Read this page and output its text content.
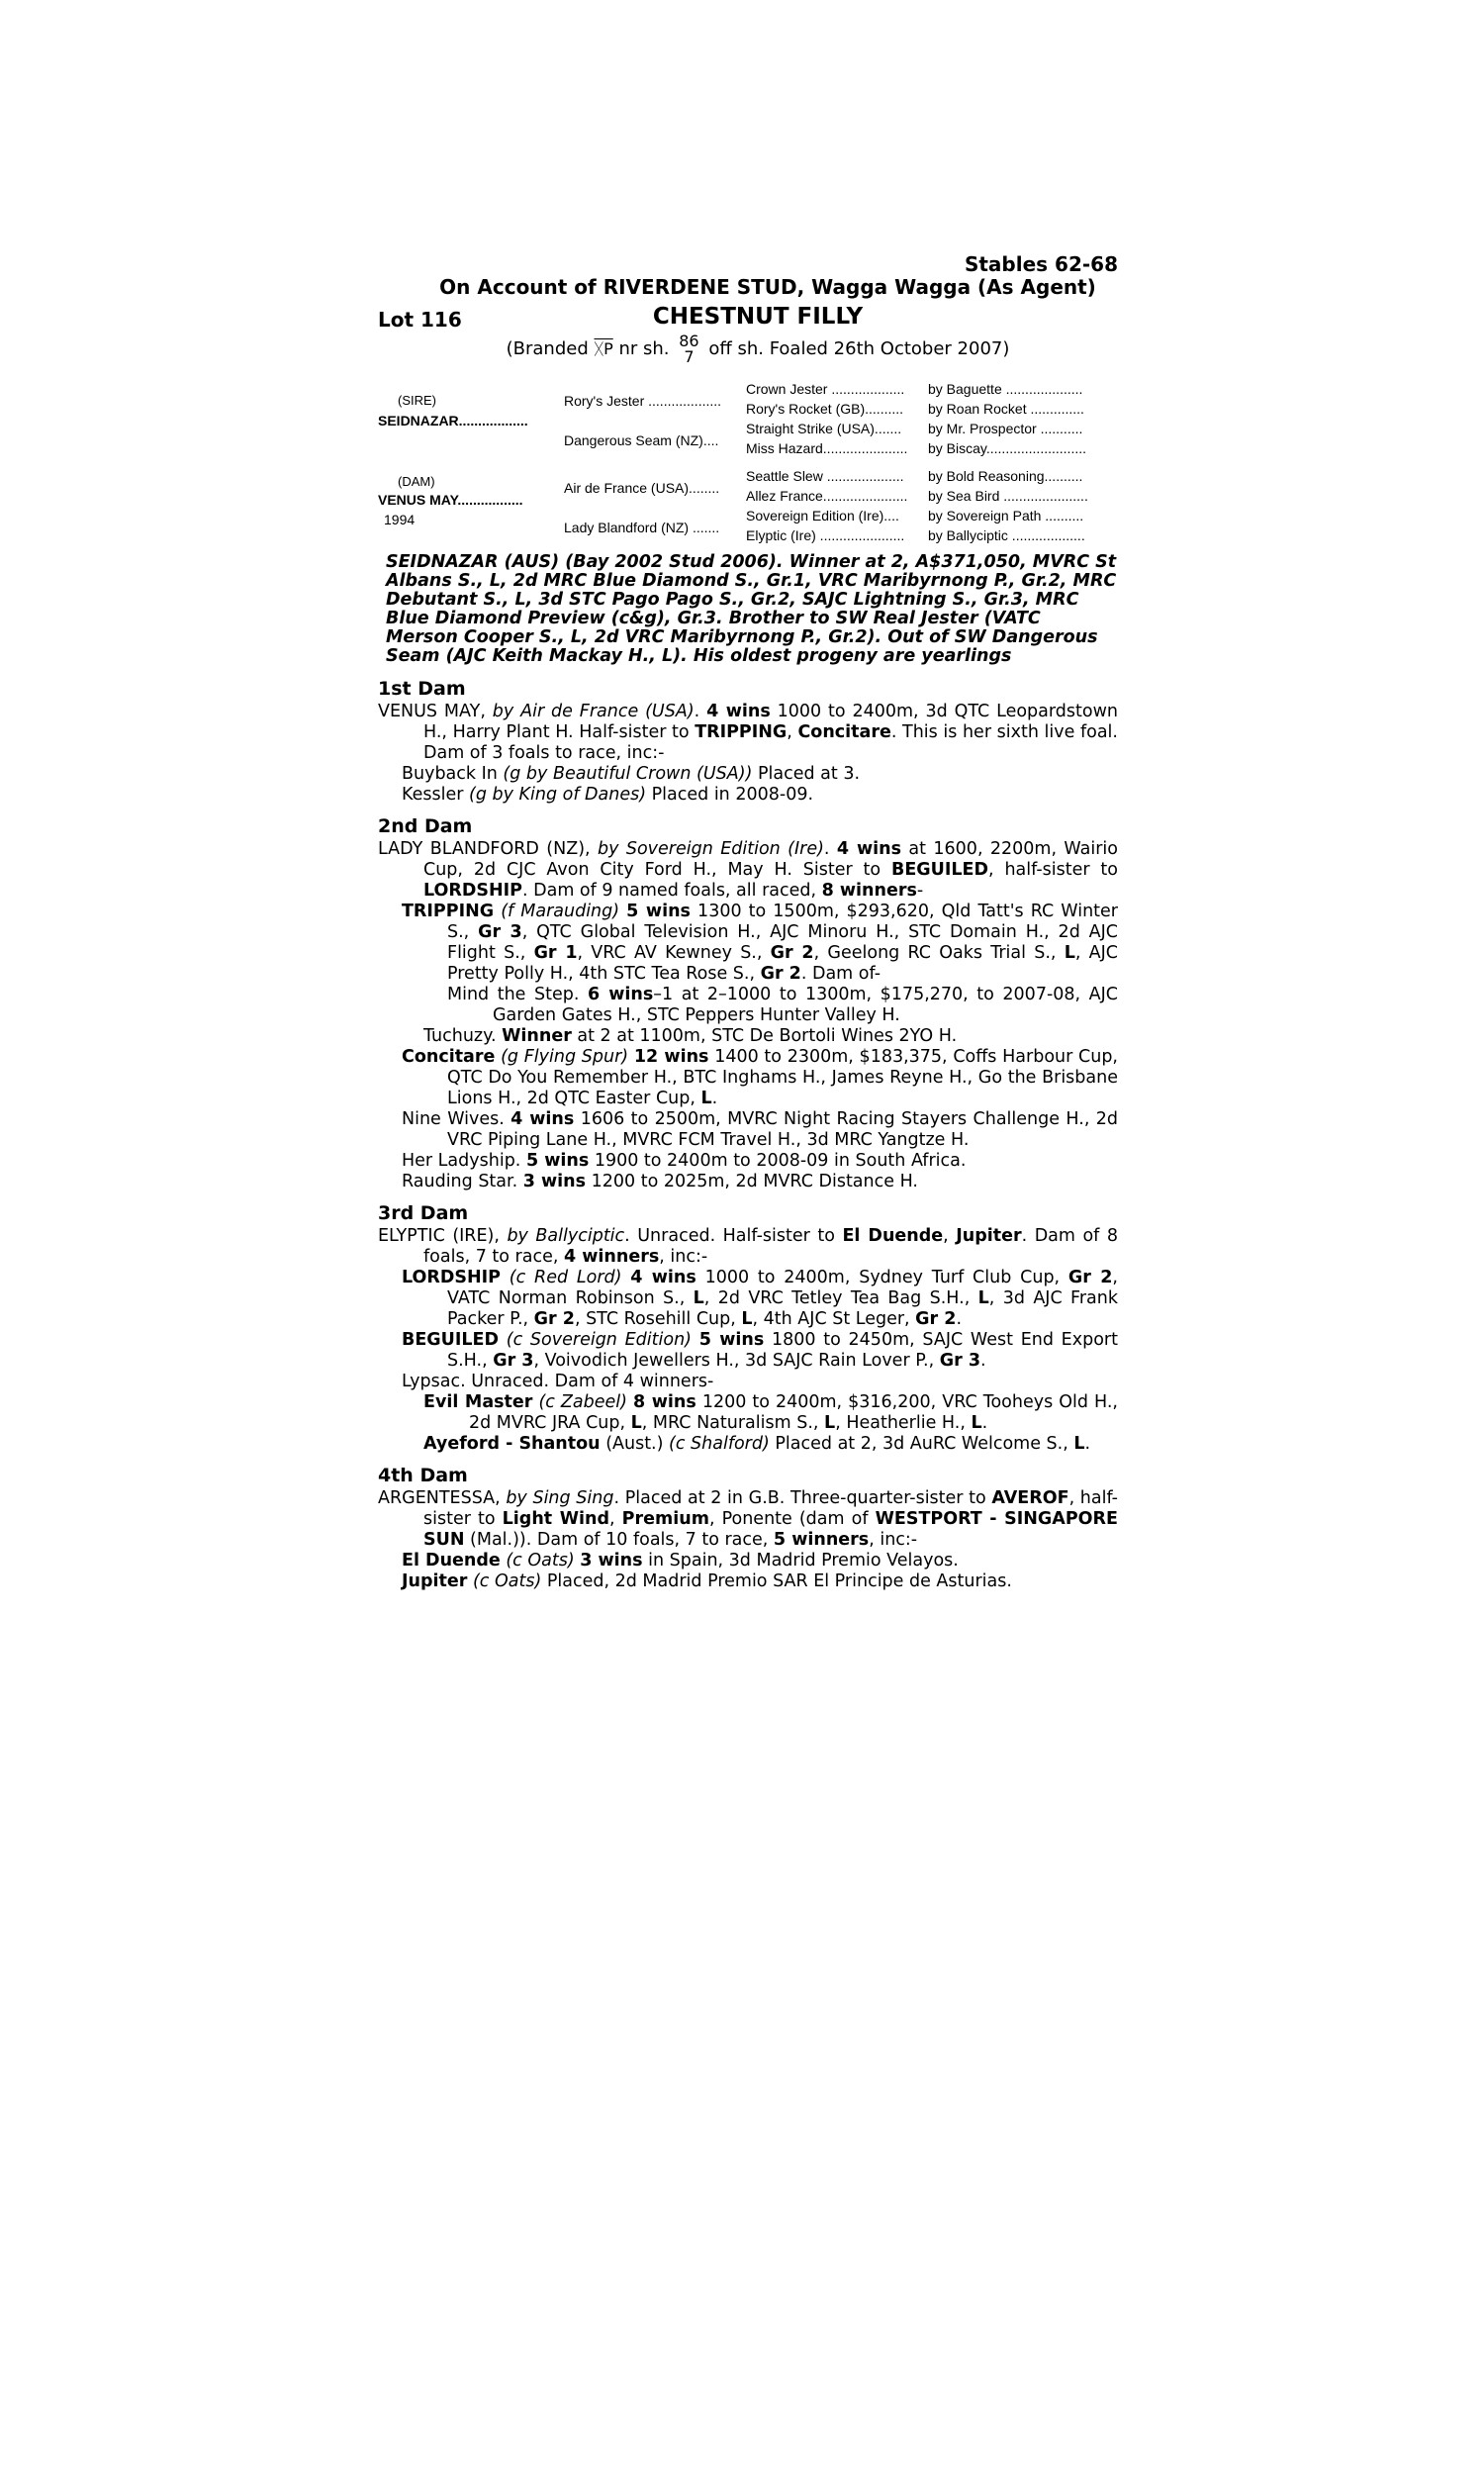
Stables 62-68
On Account of RIVERDENE STUD, Wagga Wagga (As Agent)
Lot 116	CHESTNUT FILLY
(Branded ᚷP nr sh. 86
7 off sh. Foaled 26th October 2007)
(SIRE)
SEIDNAZAR..................
(DAM)
VENUS MAY.................
1994
Rory's Jester ...................
Dangerous Seam (NZ)....
Air de France (USA)........
Lady Blandford (NZ) .......
Crown Jester ...................
Rory's Rocket (GB)..........
Straight Strike (USA).......
Miss Hazard......................
Seattle Slew ....................
Allez France......................
Sovereign Edition (Ire)....
Elyptic (Ire) ......................
by Baguette ....................
by Roan Rocket ..............
by Mr. Prospector ...........
by Biscay..........................
by Bold Reasoning..........
by Sea Bird ......................
by Sovereign Path ..........
by Ballyciptic ...................
SEIDNAZAR (AUS) (Bay 2002 Stud 2006). Winner at 2, A$371,050, MVRC St Albans S., L, 2d MRC Blue Diamond S., Gr.1, VRC Maribyrnong P., Gr.2, MRC Debutant S., L, 3d STC Pago Pago S., Gr.2, SAJC Lightning S., Gr.3, MRC Blue Diamond Preview (c&g), Gr.3. Brother to SW Real Jester (VATC Merson Cooper S., L, 2d VRC Maribyrnong P., Gr.2). Out of SW Dangerous Seam (AJC Keith Mackay H., L). His oldest progeny are yearlings
1st Dam
VENUS MAY, by Air de France (USA). 4 wins 1000 to 2400m, 3d QTC Leopardstown H., Harry Plant H. Half-sister to TRIPPING, Concitare. This is her sixth live foal. Dam of 3 foals to race, inc:-
Buyback In (g by Beautiful Crown (USA)) Placed at 3.
Kessler (g by King of Danes) Placed in 2008-09.
2nd Dam
LADY BLANDFORD (NZ), by Sovereign Edition (Ire). 4 wins at 1600, 2200m, Wairio Cup, 2d CJC Avon City Ford H., May H. Sister to BEGUILED, half-sister to LORDSHIP. Dam of 9 named foals, all raced, 8 winners-
TRIPPING (f Marauding) 5 wins 1300 to 1500m, $293,620, Qld Tatt's RC Winter S., Gr 3, QTC Global Television H., AJC Minoru H., STC Domain H., 2d AJC Flight S., Gr 1, VRC AV Kewney S., Gr 2, Geelong RC Oaks Trial S., L, AJC Pretty Polly H., 4th STC Tea Rose S., Gr 2. Dam of-
Mind the Step. 6 wins–1 at 2–1000 to 1300m, $175,270, to 2007-08, AJC Garden Gates H., STC Peppers Hunter Valley H.
Tuchuzy. Winner at 2 at 1100m, STC De Bortoli Wines 2YO H.
Concitare (g Flying Spur) 12 wins 1400 to 2300m, $183,375, Coffs Harbour Cup, QTC Do You Remember H., BTC Inghams H., James Reyne H., Go the Brisbane Lions H., 2d QTC Easter Cup, L.
Nine Wives. 4 wins 1606 to 2500m, MVRC Night Racing Stayers Challenge H., 2d VRC Piping Lane H., MVRC FCM Travel H., 3d MRC Yangtze H.
Her Ladyship. 5 wins 1900 to 2400m to 2008-09 in South Africa.
Rauding Star. 3 wins 1200 to 2025m, 2d MVRC Distance H.
3rd Dam
ELYPTIC (IRE), by Ballyciptic. Unraced. Half-sister to El Duende, Jupiter. Dam of 8 foals, 7 to race, 4 winners, inc:-
LORDSHIP (c Red Lord) 4 wins 1000 to 2400m, Sydney Turf Club Cup, Gr 2, VATC Norman Robinson S., L, 2d VRC Tetley Tea Bag S.H., L, 3d AJC Frank Packer P., Gr 2, STC Rosehill Cup, L, 4th AJC St Leger, Gr 2.
BEGUILED (c Sovereign Edition) 5 wins 1800 to 2450m, SAJC West End Export S.H., Gr 3, Voivodich Jewellers H., 3d SAJC Rain Lover P., Gr 3.
Lypsac. Unraced. Dam of 4 winners-
Evil Master (c Zabeel) 8 wins 1200 to 2400m, $316,200, VRC Tooheys Old H., 2d MVRC JRA Cup, L, MRC Naturalism S., L, Heatherlie H., L.
Ayeford - Shantou (Aust.) (c Shalford) Placed at 2, 3d AuRC Welcome S., L.
4th Dam
ARGENTESSA, by Sing Sing. Placed at 2 in G.B. Three-quarter-sister to AVEROF, half-sister to Light Wind, Premium, Ponente (dam of WESTPORT - SINGAPORE SUN (Mal.)). Dam of 10 foals, 7 to race, 5 winners, inc:-
El Duende (c Oats) 3 wins in Spain, 3d Madrid Premio Velayos.
Jupiter (c Oats) Placed, 2d Madrid Premio SAR El Principe de Asturias.
